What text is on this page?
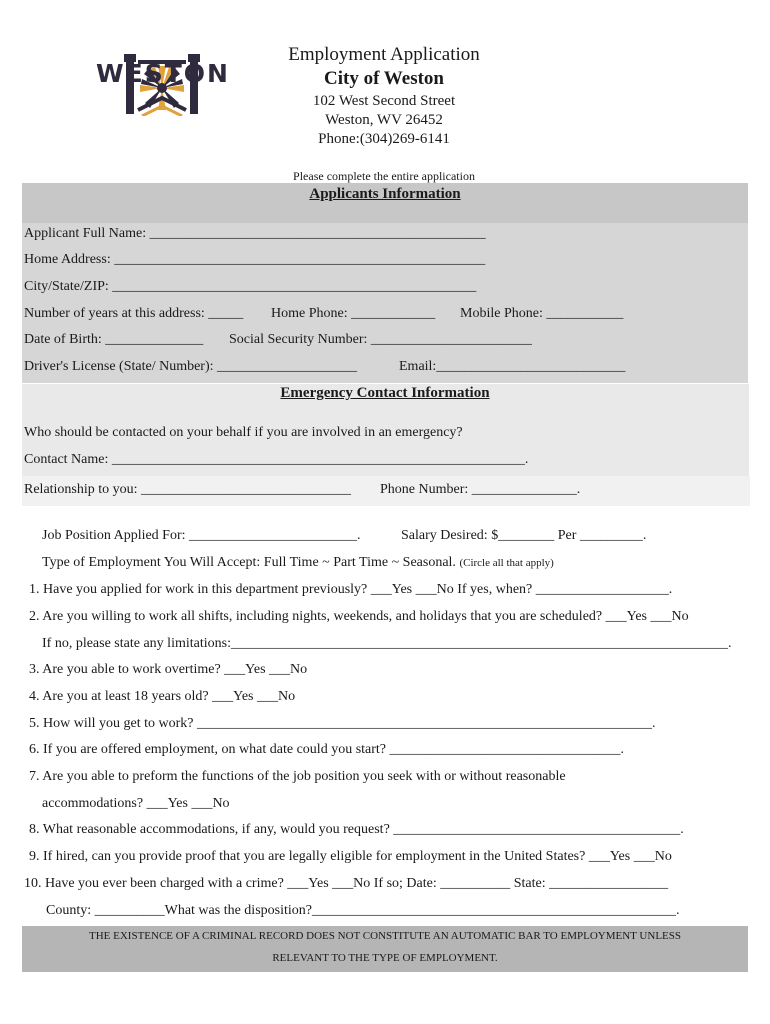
WESTON
Employment Application
City of Weston
102 West Second Street
Weston, WV 26452
Phone:(304)269-6141
Please complete the entire application
Applicants Information
Applicant Full Name: ________________________________________________
Home Address: _____________________________________________________
City/State/ZIP: ____________________________________________________
Number of years at this address: _____ Home Phone: ____________ Mobile Phone: ___________
Date of Birth: ______________ Social Security Number: _______________________
Driver's License (State/ Number): ____________________	Email:___________________________
Emergency Contact Information
Who should be contacted on your behalf if you are involved in an emergency?
Contact Name: ___________________________________________________________.
Relationship to you: ______________________________ Phone Number: _______________.
Job Position Applied For: ________________________.	Salary Desired: $________ Per _________.
Type of Employment You Will Accept: Full Time ~ Part Time ~ Seasonal. (Circle all that apply)
1. Have you applied for work in this department previously? ___Yes ___No If yes, when? ___________________.
2. Are you willing to work all shifts, including nights, weekends, and holidays that you are scheduled? ___Yes ___No
If no, please state any limitations:_______________________________________________________________________.
3. Are you able to work overtime? ___Yes ___No
4. Are you at least 18 years old? ___Yes ___No
5. How will you get to work? _________________________________________________________________.
6. If you are offered employment, on what date could you start? _________________________________.
7. Are you able to preform the functions of the job position you seek with or without reasonable
accommodations? ___Yes ___No
8. What reasonable accommodations, if any, would you request? _________________________________________.
9. If hired, can you provide proof that you are legally eligible for employment in the United States? ___Yes ___No
10. Have you ever been charged with a crime? ___Yes ___No If so; Date: __________ State: _________________
County: __________What was the disposition?____________________________________________________.
THE EXISTENCE OF A CRIMINAL RECORD DOES NOT CONSTITUTE AN AUTOMATIC BAR TO EMPLOYMENT UNLESS
RELEVANT TO THE TYPE OF EMPLOYMENT.
